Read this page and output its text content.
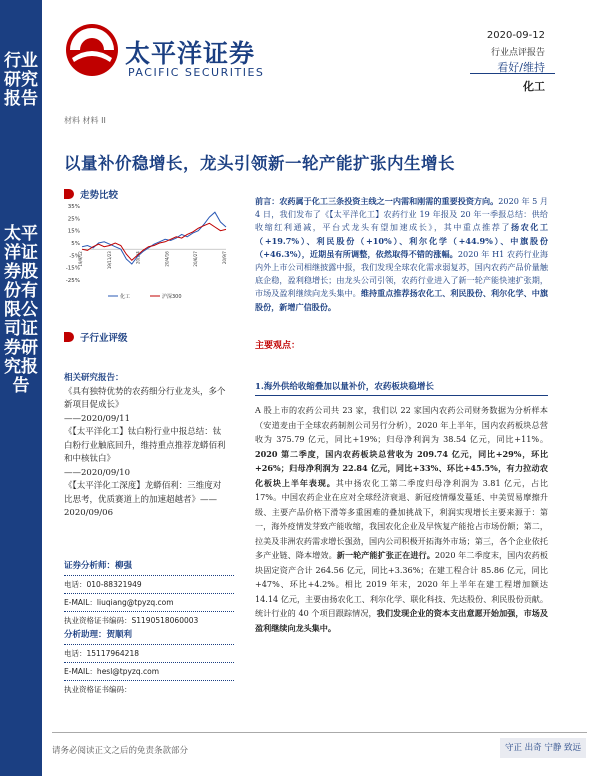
行业研究报告
太平洋证券股份有限公司证券研究报告
太平洋证券
PACIFIC SECURITIES
2020-09-12
行业点评报告
看好/维持
化工
材料 材料 II
以量补价稳增长，龙头引领新一轮产能扩张内生增长
走势比较
35%
25%
15%
5%
-5%
-15%
-25%
19/9/12	19/11/23	20/2/4	20/4/16	20/6/27	20/9/7
化工	沪深300
子行业评级
相关研究报告：
《具有独特优势的农药细分行业龙头，多个新项目促成长》
——2020/09/11
《【太平洋化工】钛白粉行业中报总结：钛白粉行业触底回升，维持重点推荐龙蟒佰利和中核钛白》
——2020/09/10
《【太平洋化工深度】龙蟒佰利：三维度对比思考，优质赛道上的加速超越者》——2020/09/06
证券分析师：柳强
电话：010-88321949
E-MAIL：liuqiang@tpyzq.com
执业资格证书编码：S1190518060003
分析助理：贺顺利
电话：15117964218
E-MAIL：hesl@tpyzq.com
执业资格证书编码：
前言：农药属于化工三条投资主线之一内需和刚需的重要投资方向。2020 年 5 月 4 日，我们发布了《【太平洋化工】农药行业 19 年报及 20 年一季报总结：供给收缩红利通减，平台式龙头有望加速成长》，其中重点推荐了扬农化工（+19.7%）、利民股份（+10%）、利尔化学（+44.9%）、中旗股份（+46.3%），近期虽有所调整，依然取得不错的涨幅。2020 年 H1 农药行业海内外上市公司相继披露中报，我们发现全球农化需求弱复苏，国内农药产品价量触底企稳，盈利稳增长；由龙头公司引领，农药行业进入了新一轮产能快速扩张期，市场及盈利继续向龙头集中。维持重点推荐扬农化工、利民股份、利尔化学、中旗股份，新增广信股份。
主要观点：
1.海外供给收缩叠加以量补价，农药板块稳增长
A 股上市的农药公司共 23 家，我们以 22 家国内农药公司财务数据为分析样本（安道麦由于全球农药制剂公司另行分析），2020 年上半年，国内农药板块总营收为 375.79 亿元，同比+19%；归母净利润为 38.54 亿元，同比+11%。2020 第二季度，国内农药板块总营收为 209.74 亿元，同比+29%，环比+26%；归母净利润为 22.84 亿元，同比+33%、环比+45.5%，有力拉动农化板块上半年表现。其中扬农化工第二季度归母净利润为 3.81 亿元，占比 17%。中国农药企业在应对全球经济衰退、新冠疫情爆发蔓延、中美贸易摩擦升级、主要产品价格下滑等多重困难的叠加挑战下，利润实现增长主要来源于：第一，海外疫情发芽致产能收缩，我国农化企业及早恢复产能抢占市场份额；第二，拉美及非洲农药需求增长强劲，国内公司积极开拓海外市场；第三，各个企业依托多产业链、降本增效。新一轮产能扩张正在进行。2020 年二季度末，国内农药板块固定资产合计 264.56 亿元，同比+3.36%；在建工程合计 85.86 亿元，同比+47%、环比+4.2%。相比 2019 年末，2020 年上半年在建工程增加额达 14.14 亿元，主要由扬农化工、利尔化学、联化科技、先达股份、利民股份贡献。统计行业的 40 个项目跟踪情况，我们发现企业的资本支出意愿开始加强，市场及盈利继续向龙头集中。
请务必阅读正文之后的免责条款部分	守正 出奇 宁静 致远
